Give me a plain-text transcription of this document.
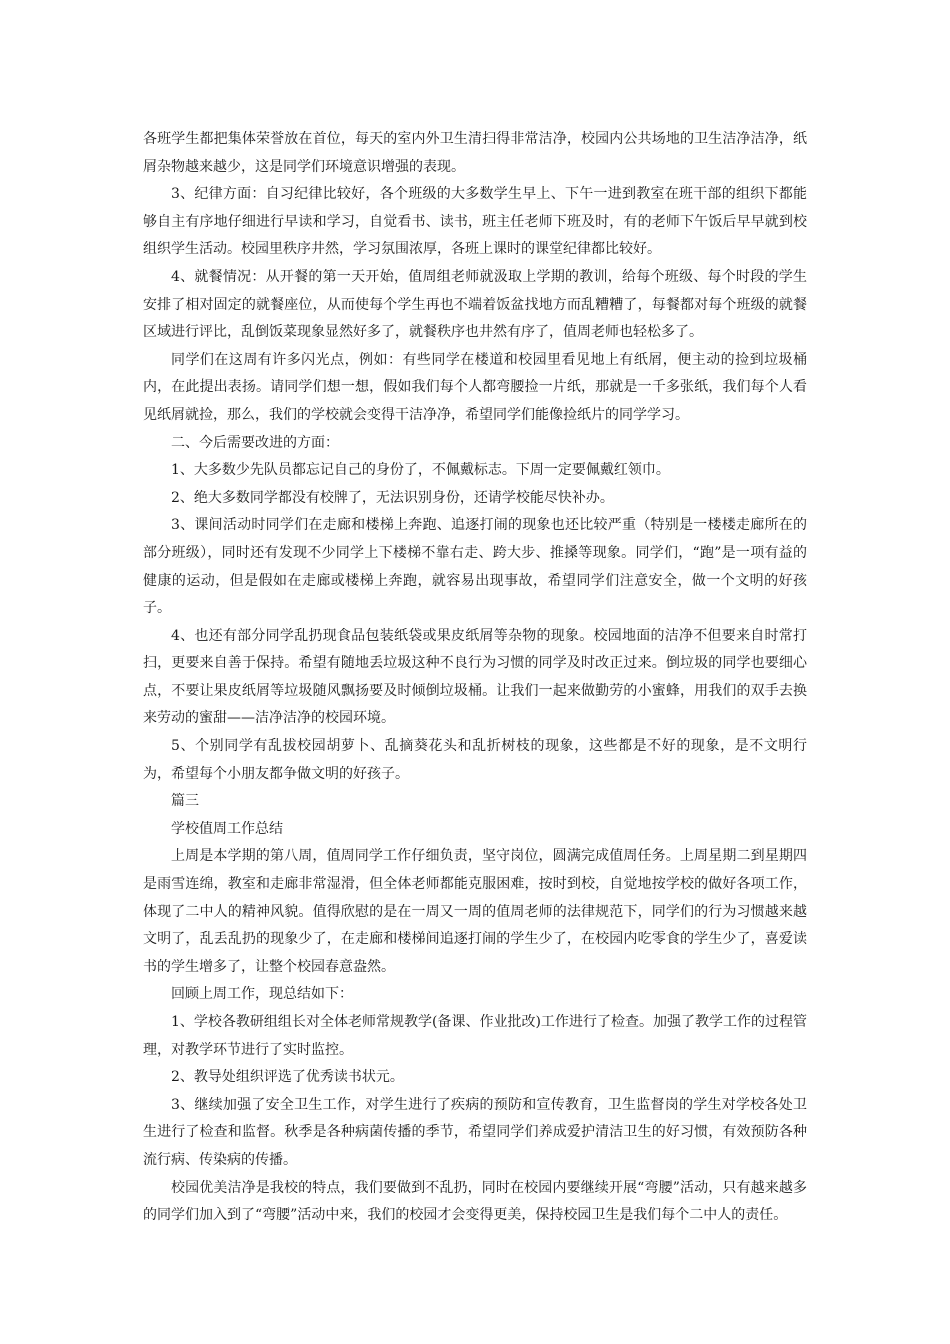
各班学生都把集体荣誉放在首位，每天的室内外卫生清扫得非常洁净，校园内公共场地的卫生洁净洁净，纸屑杂物越来越少，这是同学们环境意识增强的表现。

3、纪律方面：自习纪律比较好，各个班级的大多数学生早上、下午一进到教室在班干部的组织下都能够自主有序地仔细进行早读和学习，自觉看书、读书，班主任老师下班及时，有的老师下午饭后早早就到校组织学生活动。校园里秩序井然，学习氛围浓厚，各班上课时的课堂纪律都比较好。

4、就餐情况：从开餐的第一天开始，值周组老师就汲取上学期的教训，给每个班级、每个时段的学生安排了相对固定的就餐座位，从而使每个学生再也不端着饭盆找地方而乱糟糟了，每餐都对每个班级的就餐区域进行评比，乱倒饭菜现象显然好多了，就餐秩序也井然有序了，值周老师也轻松多了。

同学们在这周有许多闪光点，例如：有些同学在楼道和校园里看见地上有纸屑，便主动的捡到垃圾桶内，在此提出表扬。请同学们想一想，假如我们每个人都弯腰捡一片纸，那就是一千多张纸，我们每个人看见纸屑就捡，那么，我们的学校就会变得干洁净净，希望同学们能像捡纸片的同学学习。

二、今后需要改进的方面：

1、大多数少先队员都忘记自己的身份了，不佩戴标志。下周一定要佩戴红领巾。

2、绝大多数同学都没有校牌了，无法识别身份，还请学校能尽快补办。

3、课间活动时同学们在走廊和楼梯上奔跑、追逐打闹的现象也还比较严重（特别是一楼楼走廊所在的部分班级），同时还有发现不少同学上下楼梯不靠右走、跨大步、推搡等现象。同学们，“跑”是一项有益的健康的运动，但是假如在走廊或楼梯上奔跑，就容易出现事故，希望同学们注意安全，做一个文明的好孩子。

4、也还有部分同学乱扔现食品包装纸袋或果皮纸屑等杂物的现象。校园地面的洁净不但要来自时常打扫，更要来自善于保持。希望有随地丢垃圾这种不良行为习惯的同学及时改正过来。倒垃圾的同学也要细心点，不要让果皮纸屑等垃圾随风飘扬要及时倾倒垃圾桶。让我们一起来做勤劳的小蜜蜂，用我们的双手去换来劳动的蜜甜——洁净洁净的校园环境。

5、个别同学有乱拔校园胡萝卜、乱摘葵花头和乱折树枝的现象，这些都是不好的现象，是不文明行为，希望每个小朋友都争做文明的好孩子。

篇三

学校值周工作总结

上周是本学期的第八周，值周同学工作仔细负责，坚守岗位，圆满完成值周任务。上周星期二到星期四是雨雪连绵，教室和走廊非常湿滑，但全体老师都能克服困难，按时到校，自觉地按学校的做好各项工作，体现了二中人的精神风貌。值得欣慰的是在一周又一周的值周老师的法律规范下，同学们的行为习惯越来越文明了，乱丢乱扔的现象少了，在走廊和楼梯间追逐打闹的学生少了，在校园内吃零食的学生少了，喜爱读书的学生增多了，让整个校园春意盎然。

回顾上周工作，现总结如下：

1、学校各教研组组长对全体老师常规教学(备课、作业批改)工作进行了检查。加强了教学工作的过程管理，对教学环节进行了实时监控。

2、教导处组织评选了优秀读书状元。

3、继续加强了安全卫生工作，对学生进行了疾病的预防和宣传教育，卫生监督岗的学生对学校各处卫生进行了检查和监督。秋季是各种病菌传播的季节，希望同学们养成爱护清洁卫生的好习惯，有效预防各种流行病、传染病的传播。

校园优美洁净是我校的特点，我们要做到不乱扔，同时在校园内要继续开展“弯腰”活动，只有越来越多的同学们加入到了“弯腰”活动中来，我们的校园才会变得更美，保持校园卫生是我们每个二中人的责任。
